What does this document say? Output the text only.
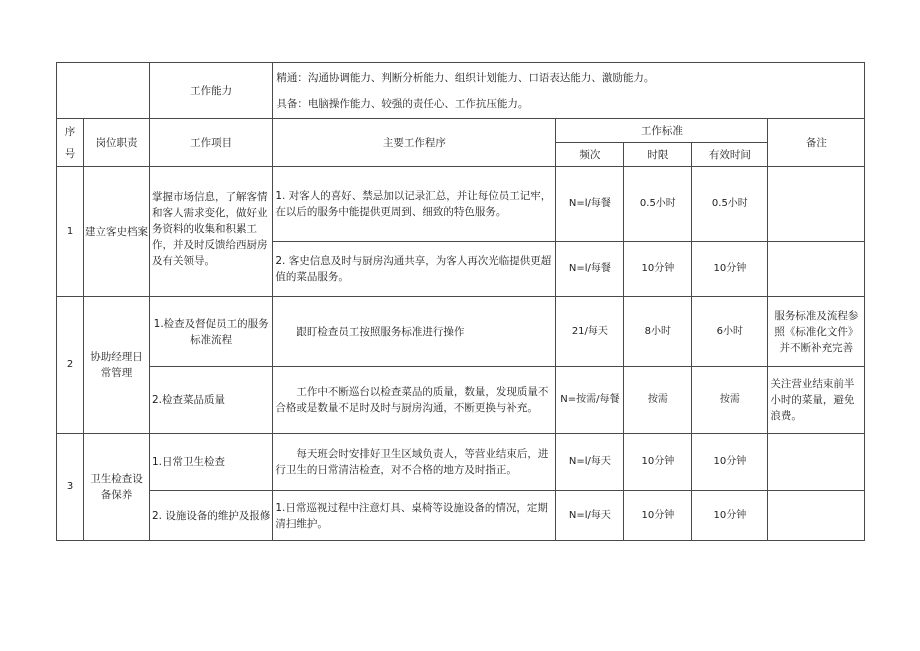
		工作能力	精通：沟通协调能力、判断分析能力、组织计划能力、口语表达能力、激励能力。
具备：电脑操作能力、较强的责任心、工作抗压能力。				

序号	岗位职责	工作项目	主要工作程序	工作标准			备注
				频次	时限	有效时间	
1	建立客史档案	掌握市场信息，了解客情和客人需求变化，做好业务资料的收集和积累工作，并及时反馈给西厨房及有关领导。	1. 对客人的喜好、禁忌加以记录汇总，并让每位员工记牢，在以后的服务中能提供更周到、细致的特色服务。	N=l/每餐	0.5小时	0.5小时	
			2. 客史信息及时与厨房沟通共享，为客人再次光临提供更超值的菜品服务。	N=l/每餐	10分钟	10分钟	
2	协助经理日常管理	1.检查及督促员工的服务标准流程	跟盯检查员工按照服务标准进行操作	21/每天	8小时	6小时	服务标准及流程参照《标准化文件》并不断补充完善
		2.检查菜品质量	工作中不断巡台以检查菜品的质量，数量，发现质量不合格或是数量不足时及时与厨房沟通，不断更换与补充。	N=按需/每餐	按需	按需	关注营业结束前半小时的菜量，避免浪费。
3	卫生检查设备保养	1.日常卫生检查	每天班会时安排好卫生区域负责人，等营业结束后，进行卫生的日常清洁检查，对不合格的地方及时指正。	N=l/每天	10分钟	10分钟	
		2. 设施设备的维护及报修	1.日常巡视过程中注意灯具、桌椅等设施设备的情况，定期清扫维护。	N=l/每天	10分钟	10分钟	
